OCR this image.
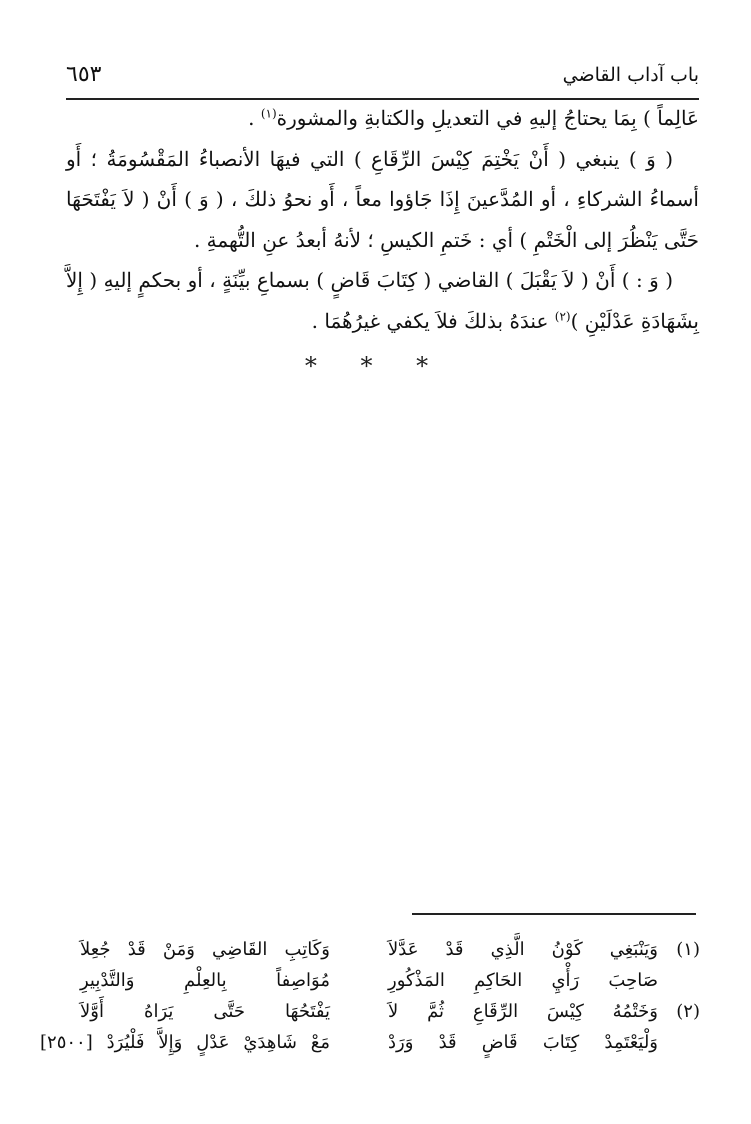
باب آداب القاضي
٦٥٣

عَالِماً ) بِمَا يحتاجُ إليهِ في التعديلِ والكتابةِ والمشورة$^{(١)}$ .

( وَ ) ينبغي ( أَنْ يَخْتِمَ كِيْسَ الرِّقَاعِ ) التي فيهَا الأنصباءُ المَقْسُومَةُ ؛ أَو أسماءُ الشركاءِ ، أو المُدَّعينَ إِذَا جَاؤوا معاً ، أَو نحوُ ذلكَ ، ( وَ ) أَنْ ( لاَ يَفْتَحَهَا حَتَّى يَنْظُرَ إلى الْخَتْمِ ) أي : خَتمِ الكيسِ ؛ لأنهُ أبعدُ عنِ التُّهمةِ .

( وَ : ) أَنْ ( لاَ يَقْبَلَ ) القاضي ( كِتَابَ قَاضٍ ) بسماعِ بيِّنَةٍ ، أو بحكمٍ إليهِ ( إِلاَّ بِشَهَادَةِ عَدْلَيْنِ )$^{(٢)}$ عندَهُ بذلكَ فلاَ يكفي غيرُهُمَا .

* * *
(١)
وَيَنْبَغِي كَوْنُ الَّذِي قَدْ عَدَّلاَ
وَكَاتِبِ القَاضِي وَمَنْ قَدْ جُعِلاَ
صَاحِبَ رَأْيِ الحَاكِمِ المَذْكُورِ
مُوَاصِفاً بِالعِلْمِ وَالتَّدْبِيرِ
(٢)
وَخَتْمُهُ كِيْسَ الرِّقَاعِ ثُمَّ لاَ
يَفْتَحُهَا حَتَّى يَرَاهُ أَوَّلاَ
وَلْيَعْتَمِدْ كِتَابَ قَاضٍ قَدْ وَرَدْ
مَعْ شَاهِدَيْ عَدْلٍ وَإِلاَّ فَلْيُرَدْ [٢٥٠٠]
